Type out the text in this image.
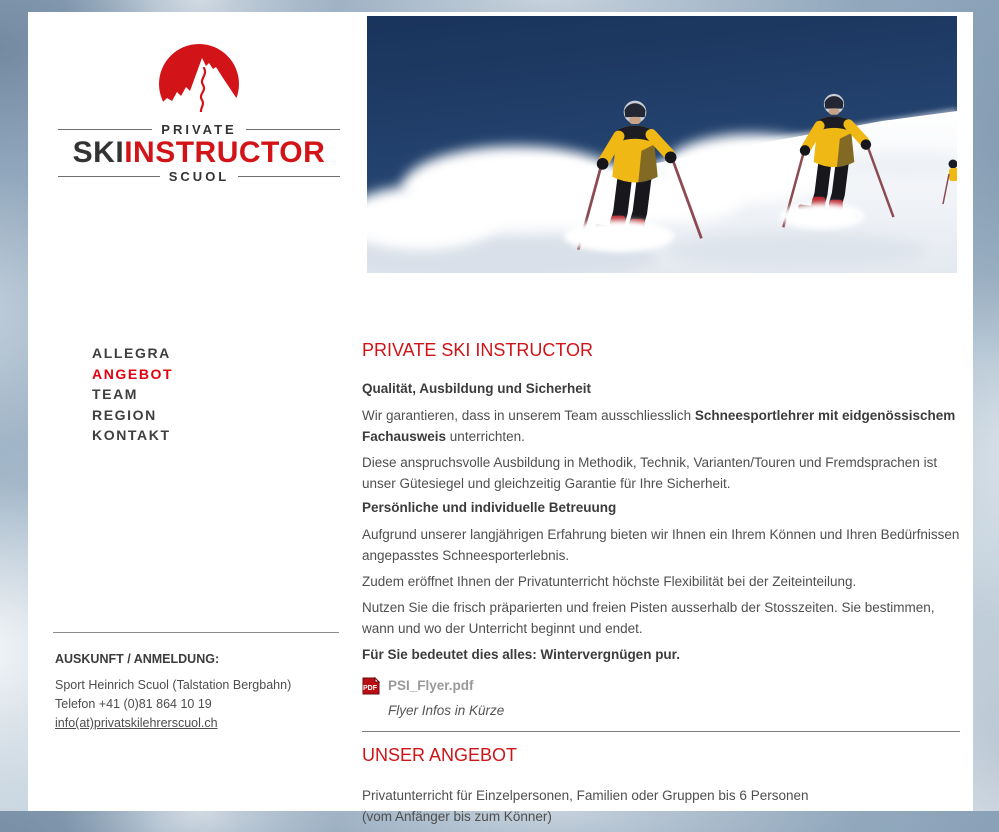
PRIVATE
SKIINSTRUCTOR
SCUOL
ALLEGRA
ANGEBOT
TEAM
REGION
KONTAKT
AUSKUNFT / ANMELDUNG:
Sport Heinrich Scuol (Talstation Bergbahn)
Telefon +41 (0)81 864 10 19
info(at)privatskilehrerscuol.ch
PRIVATE SKI INSTRUCTOR
Qualität, Ausbildung und Sicherheit

Wir garantieren, dass in unserem Team ausschliesslich Schneesportlehrer mit eidgenössischem Fachausweis unterrichten.

Diese anspruchsvolle Ausbildung in Methodik, Technik, Varianten/Touren und Fremdsprachen ist unser Gütesiegel und gleichzeitig Garantie für Ihre Sicherheit.

Persönliche und individuelle Betreuung

Aufgrund unserer langjährigen Erfahrung bieten wir Ihnen ein Ihrem Können und Ihren Bedürfnissen angepasstes Schneesporterlebnis.

Zudem eröffnet Ihnen der Privatunterricht höchste Flexibilität bei der Zeiteinteilung.

Nutzen Sie die frisch präparierten und freien Pisten ausserhalb der Stosszeiten. Sie bestimmen, wann und wo der Unterricht beginnt und endet.

Für Sie bedeutet dies alles: Wintervergnügen pur.

PDF PSI_Flyer.pdf
Flyer Infos in Kürze
UNSER ANGEBOT

Privatunterricht für Einzelpersonen, Familien oder Gruppen bis 6 Personen
(vom Anfänger bis zum Könner)
